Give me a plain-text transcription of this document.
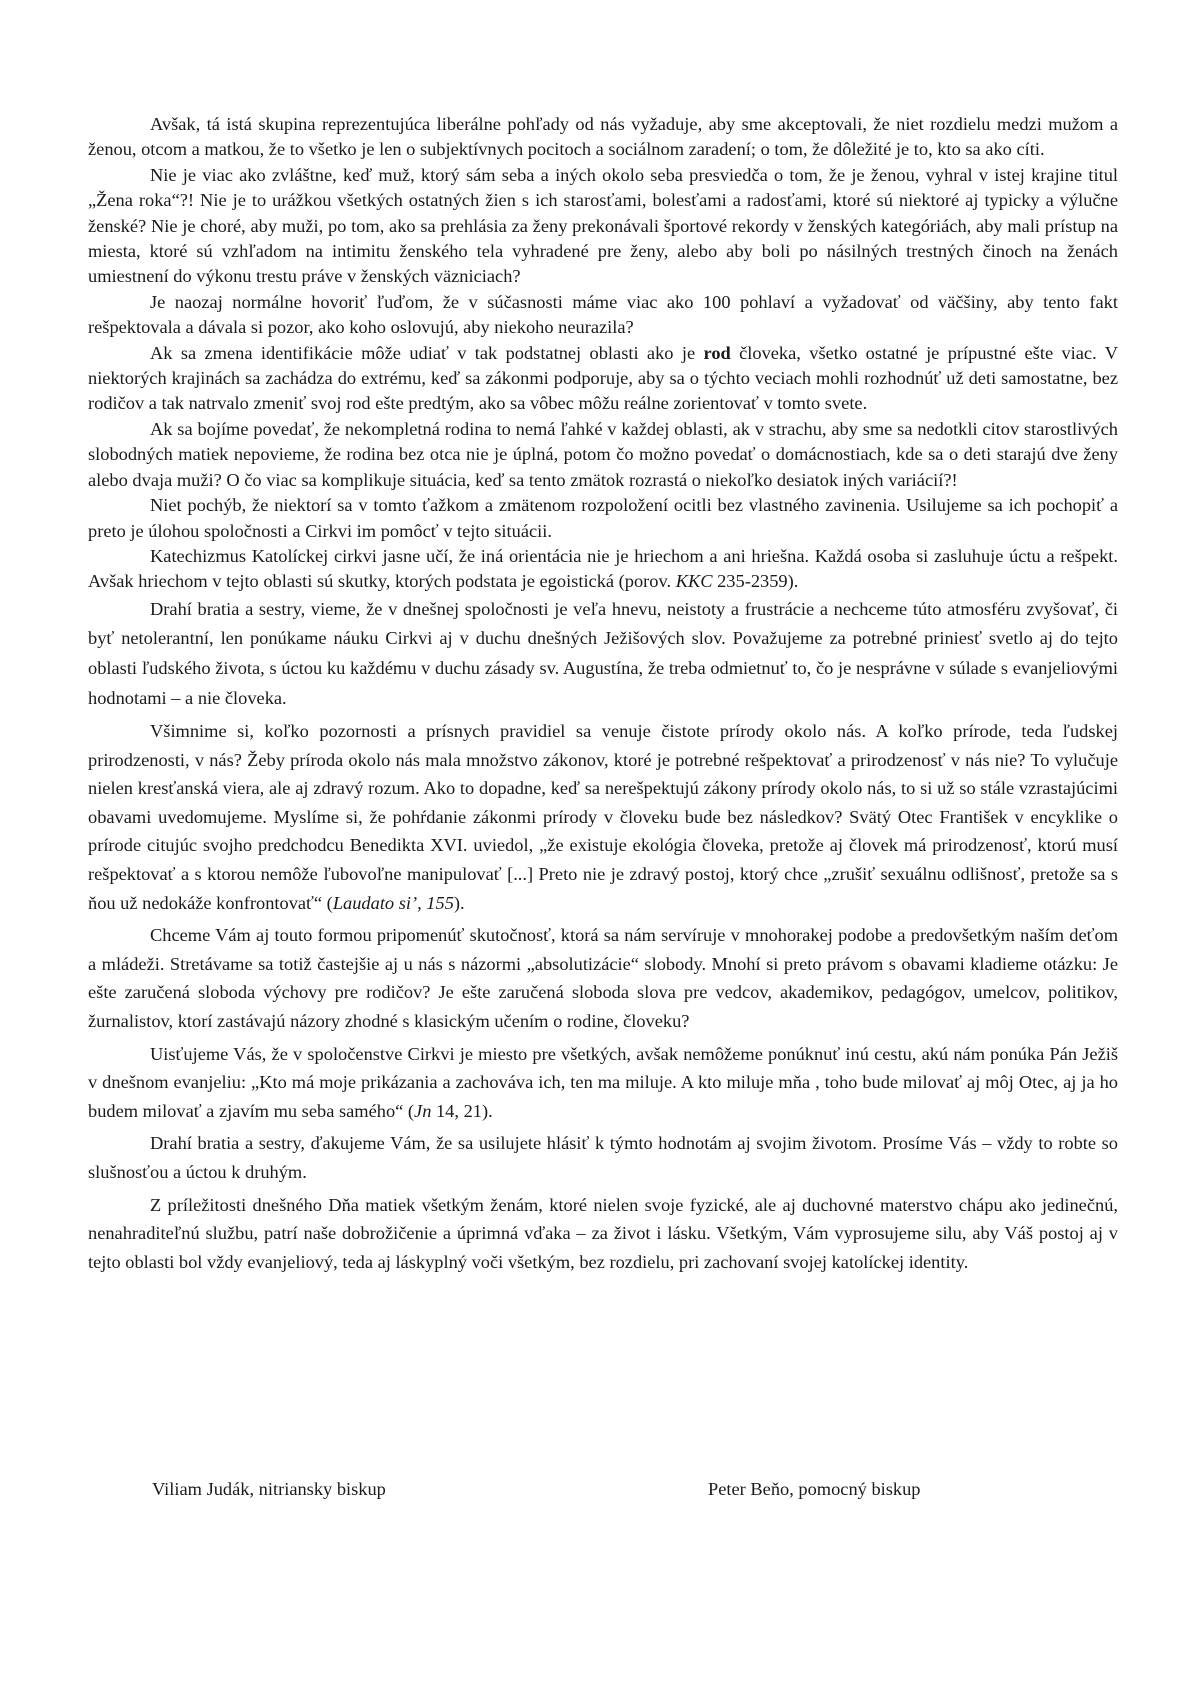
Avšak, tá istá skupina reprezentujúca liberálne pohľady od nás vyžaduje, aby sme akceptovali, že niet rozdielu medzi mužom a ženou, otcom a matkou, že to všetko je len o subjektívnych pocitoch a sociálnom zaradení; o tom, že dôležité je to, kto sa ako cíti.

Nie je viac ako zvláštne, keď muž, ktorý sám seba a iných okolo seba presviedča o tom, že je ženou, vyhral v istej krajine titul „Žena roka“?! Nie je to urážkou všetkých ostatných žien s ich starosťami, bolesťami a radosťami, ktoré sú niektoré aj typicky a výlučne ženské? Nie je choré, aby muži, po tom, ako sa prehlásia za ženy prekonávali športové rekordy v ženských kategóriách, aby mali prístup na miesta, ktoré sú vzhľadom na intimitu ženského tela vyhradené pre ženy, alebo aby boli po násilných trestných činoch na ženách umiestnení do výkonu trestu práve v ženských väzniciach?

Je naozaj normálne hovoriť ľuďom, že v súčasnosti máme viac ako 100 pohlaví a vyžadovať od väčšiny, aby tento fakt rešpektovala a dávala si pozor, ako koho oslovujú, aby niekoho neurazila?

Ak sa zmena identifikácie môže udiať v tak podstatnej oblasti ako je rod človeka, všetko ostatné je prípustné ešte viac. V niektorých krajinách sa zachádza do extrému, keď sa zákonmi podporuje, aby sa o týchto veciach mohli rozhodnúť už deti samostatne, bez rodičov a tak natrvalo zmeniť svoj rod ešte predtým, ako sa vôbec môžu reálne zorientovať v tomto svete.

Ak sa bojíme povedať, že nekompletná rodina to nemá ľahké v každej oblasti, ak v strachu, aby sme sa nedotkli citov starostlivých slobodných matiek nepovieme, že rodina bez otca nie je úplná, potom čo možno povedať o domácnostiach, kde sa o deti starajú dve ženy alebo dvaja muži? O čo viac sa komplikuje situácia, keď sa tento zmätok rozrastá o niekoľko desiatok iných variácií?!

Niet pochýb, že niektorí sa v tomto ťažkom a zmätenom rozpoložení ocitli bez vlastného zavinenia. Usilujeme sa ich pochopiť a preto je úlohou spoločnosti a Cirkvi im pomôcť v tejto situácii.

Katechizmus Katolíckej cirkvi jasne učí, že iná orientácia nie je hriechom a ani hriešna. Každá osoba si zasluhuje úctu a rešpekt. Avšak hriechom v tejto oblasti sú skutky, ktorých podstata je egoistická (porov. KKC 235-2359).

Drahí bratia a sestry, vieme, že v dnešnej spoločnosti je veľa hnevu, neistoty a frustrácie a nechceme túto atmosféru zvyšovať, či byť netolerantní, len ponúkame náuku Cirkvi aj v duchu dnešných Ježišových slov. Považujeme za potrebné priniesť svetlo aj do tejto oblasti ľudského života, s úctou ku každému v duchu zásady sv. Augustína, že treba odmietnuť to, čo je nesprávne v súlade s evanjeliovými hodnotami – a nie človeka.

Všimnime si, koľko pozornosti a prísnych pravidiel sa venuje čistote prírody okolo nás. A koľko prírode, teda ľudskej prirodzenosti, v nás? Žeby príroda okolo nás mala množstvo zákonov, ktoré je potrebné rešpektovať a prirodzenosť v nás nie? To vylučuje nielen kresťanská viera, ale aj zdravý rozum. Ako to dopadne, keď sa nerešpektujú zákony prírody okolo nás, to si už so stále vzrastajúcimi obavami uvedomujeme. Myslíme si, že pohŕdanie zákonmi prírody v človeku bude bez následkov? Svätý Otec František v encyklike o prírode citujúc svojho predchodcu Benedikta XVI. uviedol, „že existuje ekológia človeka, pretože aj človek má prirodzenosť, ktorú musí rešpektovať a s ktorou nemôže ľubovoľne manipulovať [...] Preto nie je zdravý postoj, ktorý chce „zrušiť sexuálnu odlišnosť, pretože sa s ňou už nedokáže konfrontovať“ (Laudato si’, 155).

Chceme Vám aj touto formou pripomenúť skutočnosť, ktorá sa nám servíruje v mnohorakej podobe a predovšetkým naším deťom a mládeži. Stretávame sa totiž častejšie aj u nás s názormi „absolutizácie“ slobody. Mnohí si preto právom s obavami kladieme otázku: Je ešte zaručená sloboda výchovy pre rodičov? Je ešte zaručená sloboda slova pre vedcov, akademikov, pedagógov, umelcov, politikov, žurnalistov, ktorí zastávajú názory zhodné s klasickým učením o rodine, človeku?

Uisťujeme Vás, že v spoločenstve Cirkvi je miesto pre všetkých, avšak nemôžeme ponúknuť inú cestu, akú nám ponúka Pán Ježiš v dnešnom evanjeliu: „Kto má moje prikázania a zachováva ich, ten ma miluje. A kto miluje mňa , toho bude milovať aj môj Otec, aj ja ho budem milovať a zjavím mu seba samého“ (Jn 14, 21).

Drahí bratia a sestry, ďakujeme Vám, že sa usilujete hlásiť k týmto hodnotám aj svojim životom. Prosíme Vás – vždy to robte so slušnosťou a úctou k druhým.

Z príležitosti dnešného Dňa matiek všetkým ženám, ktoré nielen svoje fyzické, ale aj duchovné materstvo chápu ako jedinečnú, nenahraditeľnú službu, patrí naše dobrožičenie a úprimná vďaka – za život i lásku. Všetkým, Vám vyprosujeme silu, aby Váš postoj aj v tejto oblasti bol vždy evanjeliový, teda aj láskyplný voči všetkým, bez rozdielu, pri zachovaní svojej katolíckej identity.

Viliam Judák, nitriansky biskup	Peter Beňo, pomocný biskup
